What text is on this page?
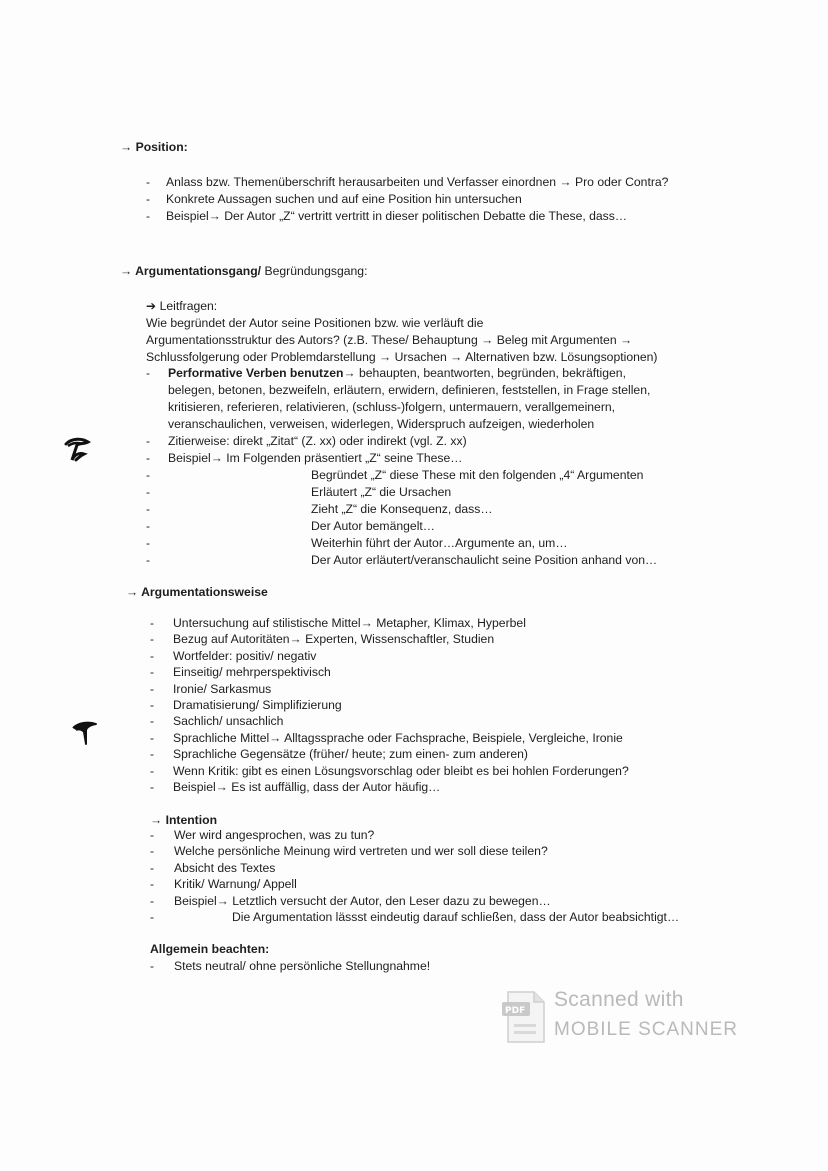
→ Position:
- Anlass bzw. Themenüberschrift herausarbeiten und Verfasser einordnen → Pro oder Contra?
- Konkrete Aussagen suchen und auf eine Position hin untersuchen
- Beispiel→ Der Autor „Z“ vertritt vertritt in dieser politischen Debatte die These, dass…
→ Argumentationsgang/ Begründungsgang:
➔ Leitfragen:
Wie begründet der Autor seine Positionen bzw. wie verläuft die
Argumentationsstruktur des Autors? (z.B. These/ Behauptung → Beleg mit Argumenten →
Schlussfolgerung oder Problemdarstellung → Ursachen → Alternativen bzw. Lösungsoptionen)
- Performative Verben benutzen→ behaupten, beantworten, begründen, bekräftigen,
belegen, betonen, bezweifeln, erläutern, erwidern, definieren, feststellen, in Frage stellen,
kritisieren, referieren, relativieren, (schluss-)folgern, untermauern, verallgemeinern,
veranschaulichen, verweisen, widerlegen, Widerspruch aufzeigen, wiederholen
- Zitierweise: direkt „Zitat“ (Z. xx) oder indirekt (vgl. Z. xx)
- Beispiel→ Im Folgenden präsentiert „Z“ seine These…
-	Begründet „Z“ diese These mit den folgenden „4“ Argumenten
-	Erläutert „Z“ die Ursachen
-	Zieht „Z“ die Konsequenz, dass…
-	Der Autor bemängelt…
-	Weiterhin führt der Autor…Argumente an, um…
-	Der Autor erläutert/veranschaulicht seine Position anhand von…
→ Argumentationsweise
- Untersuchung auf stilistische Mittel→ Metapher, Klimax, Hyperbel
- Bezug auf Autoritäten→ Experten, Wissenschaftler, Studien
- Wortfelder: positiv/ negativ
- Einseitig/ mehrperspektivisch
- Ironie/ Sarkasmus
- Dramatisierung/ Simplifizierung
- Sachlich/ unsachlich
- Sprachliche Mittel→ Alltagssprache oder Fachsprache, Beispiele, Vergleiche, Ironie
- Sprachliche Gegensätze (früher/ heute; zum einen- zum anderen)
- Wenn Kritik: gibt es einen Lösungsvorschlag oder bleibt es bei hohlen Forderungen?
- Beispiel→ Es ist auffällig, dass der Autor häufig…
→ Intention
- Wer wird angesprochen, was zu tun?
- Welche persönliche Meinung wird vertreten und wer soll diese teilen?
- Absicht des Textes
- Kritik/ Warnung/ Appell
- Beispiel→ Letztlich versucht der Autor, den Leser dazu zu bewegen…
-	Die Argumentation lässst eindeutig darauf schließen, dass der Autor beabsichtigt…
Allgemein beachten:
- Stets neutral/ ohne persönliche Stellungnahme!
PDF Scanned with
MOBILE SCANNER
